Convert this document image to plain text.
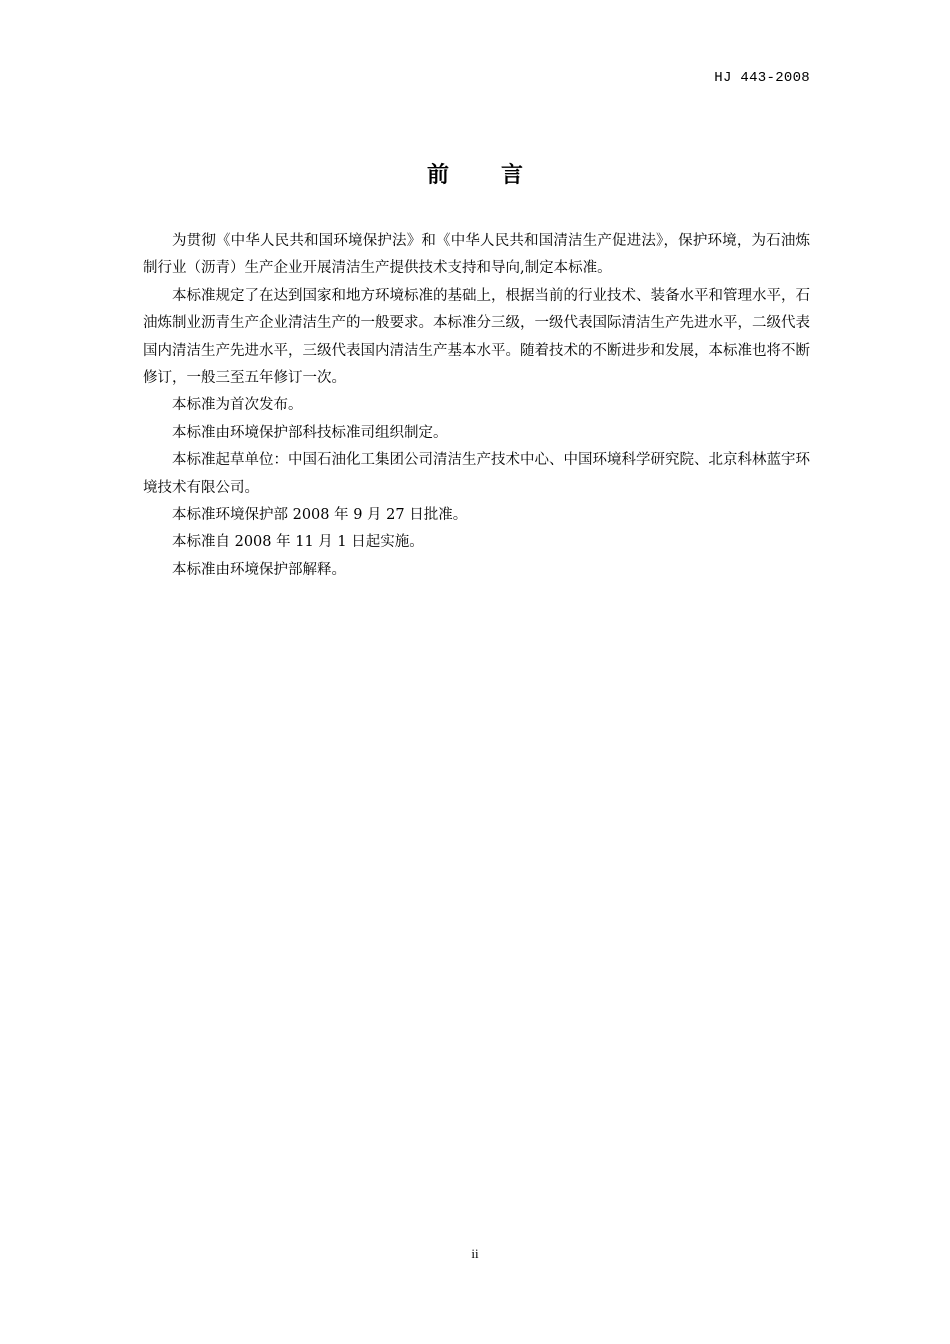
HJ 443-2008
前 言

为贯彻《中华人民共和国环境保护法》和《中华人民共和国清洁生产促进法》，保护环境，为石油炼制行业（沥青）生产企业开展清洁生产提供技术支持和导向,制定本标准。

本标准规定了在达到国家和地方环境标准的基础上，根据当前的行业技术、装备水平和管理水平，石油炼制业沥青生产企业清洁生产的一般要求。本标准分三级，一级代表国际清洁生产先进水平，二级代表国内清洁生产先进水平，三级代表国内清洁生产基本水平。随着技术的不断进步和发展，本标准也将不断修订，一般三至五年修订一次。

本标准为首次发布。

本标准由环境保护部科技标准司组织制定。

本标准起草单位：中国石油化工集团公司清洁生产技术中心、中国环境科学研究院、北京科林蓝宇环境技术有限公司。

本标准环境保护部 2008 年 9 月 27 日批准。

本标准自 2008 年 11 月 1 日起实施。

本标准由环境保护部解释。

ii
